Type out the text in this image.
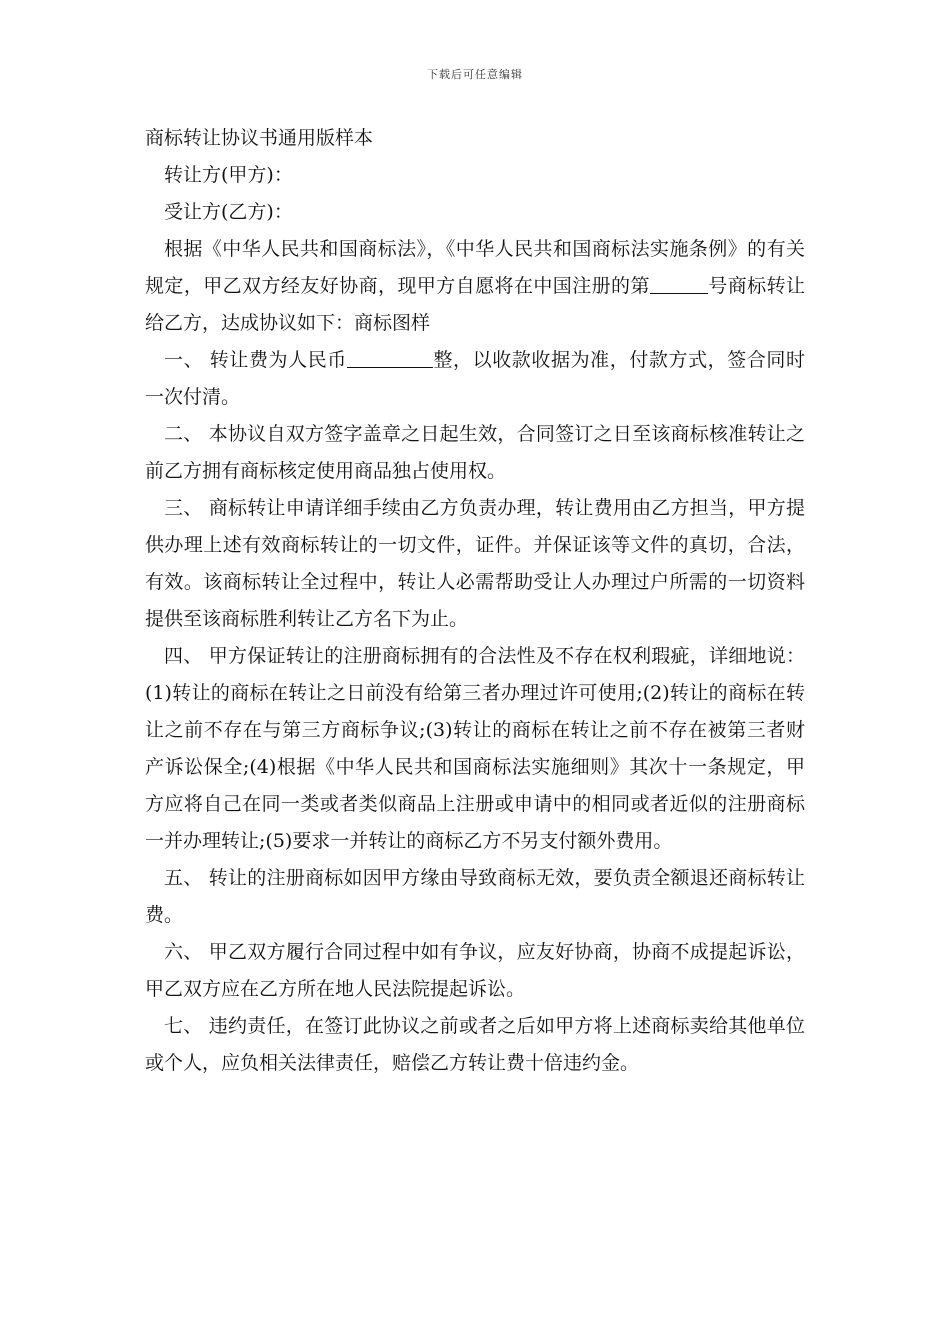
下载后可任意编辑
商标转让协议书通用版样本

转让方(甲方)：

受让方(乙方)：

根据《中华人民共和国商标法》，《中华人民共和国商标法实施条例》的有关规定，甲乙双方经友好协商，现甲方自愿将在中国注册的第	号商标转让给乙方，达成协议如下：商标图样

一、 转让费为人民币	整，以收款收据为准，付款方式，签合同时一次付清。

二、 本协议自双方签字盖章之日起生效，合同签订之日至该商标核准转让之前乙方拥有商标核定使用商品独占使用权。

三、 商标转让申请详细手续由乙方负责办理，转让费用由乙方担当，甲方提供办理上述有效商标转让的一切文件，证件。并保证该等文件的真切，合法，有效。该商标转让全过程中，转让人必需帮助受让人办理过户所需的一切资料提供至该商标胜利转让乙方名下为止。

四、 甲方保证转让的注册商标拥有的合法性及不存在权利瑕疵，详细地说：(1)转让的商标在转让之日前没有给第三者办理过许可使用;(2)转让的商标在转让之前不存在与第三方商标争议;(3)转让的商标在转让之前不存在被第三者财产诉讼保全;(4)根据《中华人民共和国商标法实施细则》其次十一条规定，甲方应将自己在同一类或者类似商品上注册或申请中的相同或者近似的注册商标一并办理转让;(5)要求一并转让的商标乙方不另支付额外费用。

五、 转让的注册商标如因甲方缘由导致商标无效，要负责全额退还商标转让费。

六、 甲乙双方履行合同过程中如有争议，应友好协商，协商不成提起诉讼，甲乙双方应在乙方所在地人民法院提起诉讼。

七、 违约责任，在签订此协议之前或者之后如甲方将上述商标卖给其他单位或个人，应负相关法律责任，赔偿乙方转让费十倍违约金。
